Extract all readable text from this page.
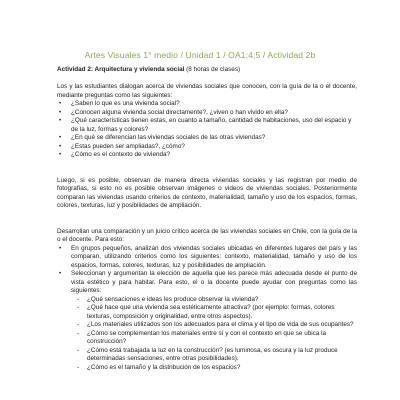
Artes Visuales 1° medio / Unidad 1 / OA1;4;5 / Actividad 2b

Actividad 2: Arquitectura y vivienda social (8 horas de clases)

Los y las estudiantes dialogan acerca de viviendas sociales que conocen, con la guía de la o el docente, mediante preguntas como las siguientes:

• ¿Saben lo que es una vivienda social?
• ¿Conocen alguna vivienda social directamente?, ¿viven o han vivido en ella?
• ¿Qué características tienen estas, en cuanto a tamaño, cantidad de habitaciones, uso del espacio y de la luz, formas y colores?
• ¿En qué se diferencian las viviendas sociales de las otras viviendas?
• ¿Estas pueden ser ampliadas?, ¿cómo?
• ¿Cómo es el contexto de vivienda?

Luego, si es posible, observan de manera directa viviendas sociales y las registran por medio de fotografías, si esto no es posible observan imágenes o videos de viviendas sociales. Posteriormente comparan las viviendas usando criterios de contexto, materialidad, tamaño y uso de los espacios, formas, colores, texturas, luz y posibilidades de ampliación.

Desarrollan una comparación y un juicio crítico acerca de las viviendas sociales en Chile, con la guía de la o el docente. Para esto:

• En grupos pequeños, analizan dos viviendas sociales ubicadas en diferentes lugares del país y las comparan, utilizando criterios como los siguientes: contexto, materialidad, tamaño y uso de los espacios, formas, colores, texturas, luz y posibilidades de ampliación.
• Seleccionan y argumentan la elección de aquella que les parece más adecuada desde el punto de vista estético y para habitar. Para esto, el o la docente puede ayudar con preguntas como las siguientes:
- ¿Qué sensaciones e ideas les produce observar la vivienda?
- ¿Qué hace que una vivienda sea estéticamente atractiva? (por ejemplo: formas, colores texturas, composición y originalidad, entre otros aspectos).
- ¿Los materiales utilizados son los adecuados para el clima y el tipo de vida de sus ocupantes?
- ¿Cómo se complementan los materiales entre sí y con el contexto en que se ubica la construcción?
- ¿Cómo está trabajada la luz en la construcción? (es luminosa, es oscura y la luz produce determinadas sensaciones, entre otras posibilidades).
- ¿Cómo es el tamaño y la distribución de los espacios?
